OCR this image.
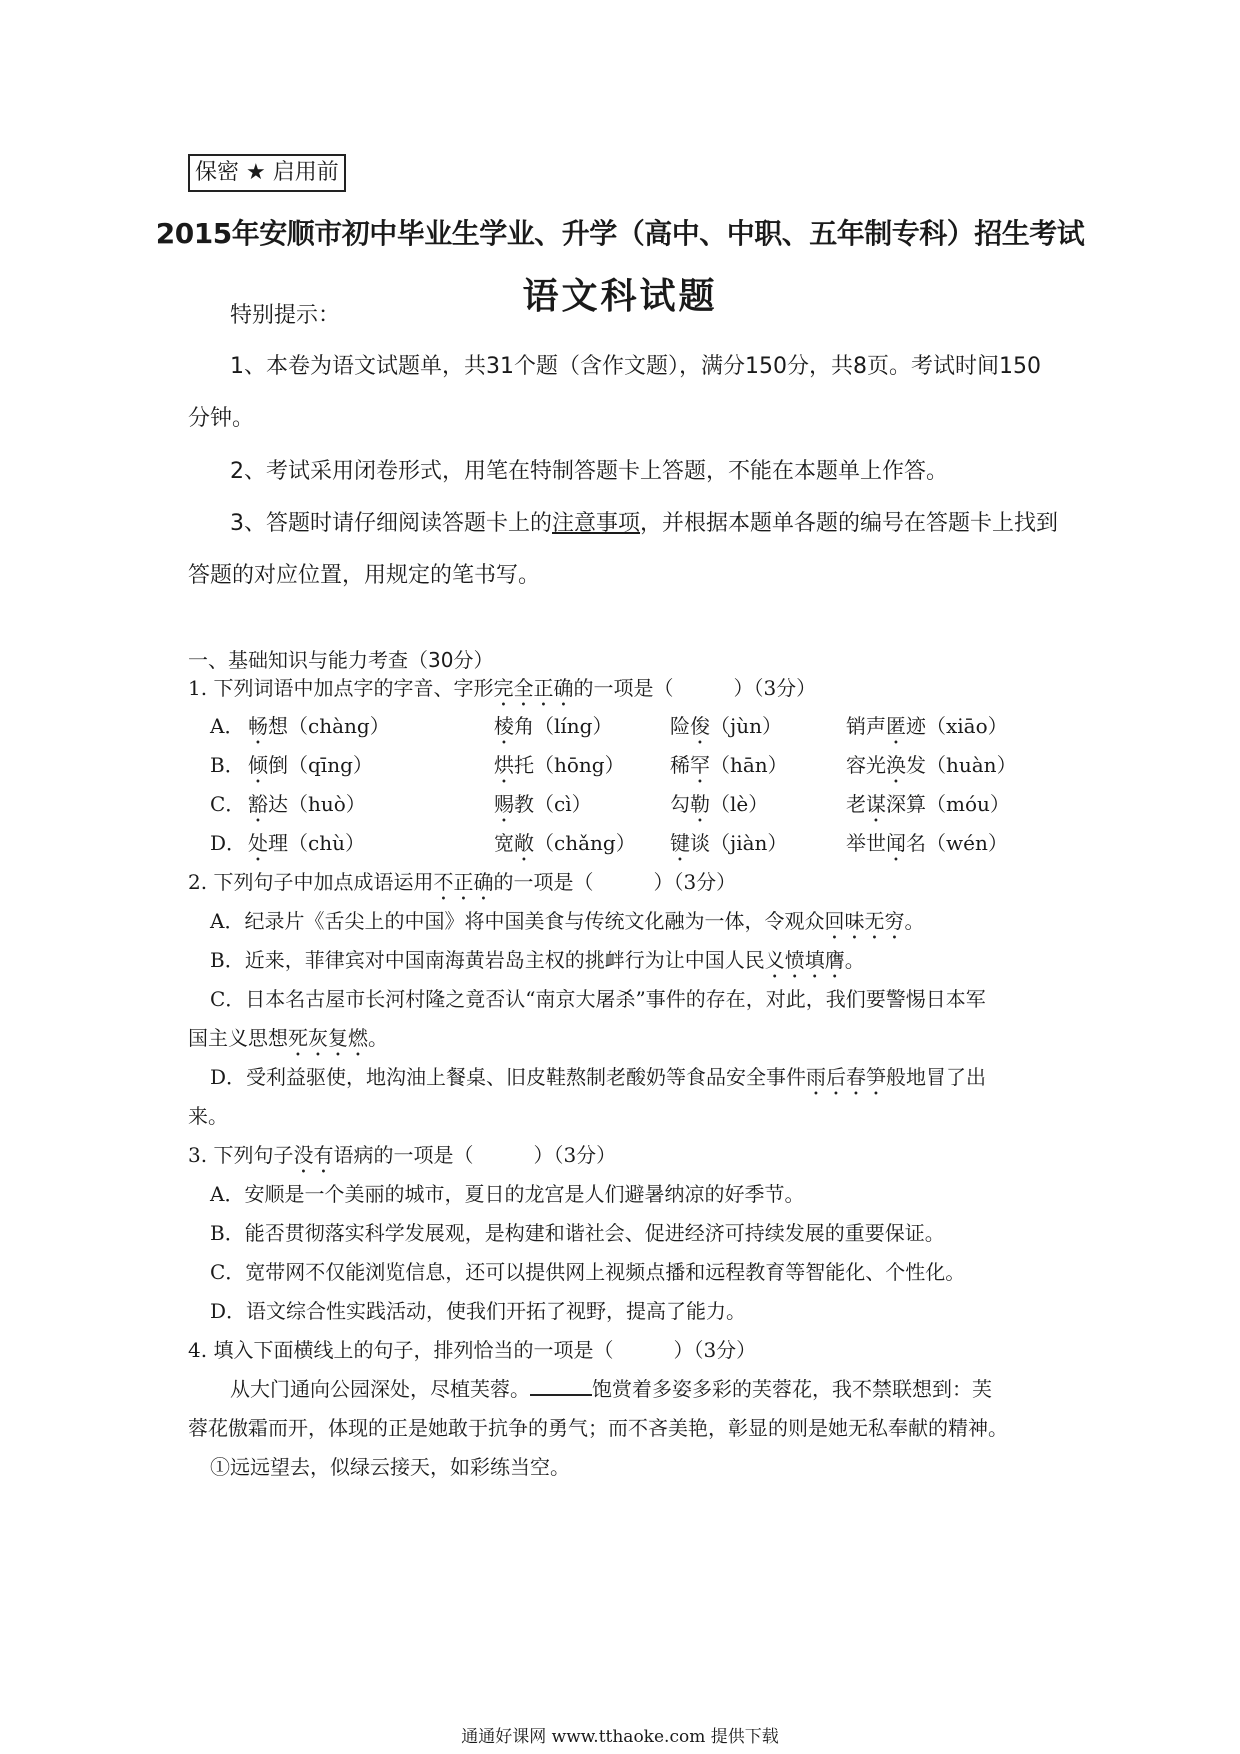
保密 ★ 启用前
2015年安顺市初中毕业生学业、升学（高中、中职、五年制专科）招生考试
语文科试题
特别提示：
1、本卷为语文试题单，共31个题（含作文题），满分150分，共8页。考试时间150
分钟。
2、考试采用闭卷形式，用笔在特制答题卡上答题，不能在本题单上作答。
3、答题时请仔细阅读答题卡上的注意事项，并根据本题单各题的编号在答题卡上找到
答题的对应位置，用规定的笔书写。
一、基础知识与能力考查（30分）
1. 下列词语中加点字的字音、字形完全正确的一项是（　　　）（3分）
A． 畅想（chàng）	棱角（líng）	险俊（jùn）	销声匿迹（xiāo）
B． 倾倒（qīng）	烘托（hōng） 稀罕（hān）	容光涣发（huàn）
C． 豁达（huò）	赐教（cì）	勾勒（lè）	老谋深算（móu）
D． 处理（chù）	宽敞（chǎng） 键谈（jiàn）	举世闻名（wén）
2. 下列句子中加点成语运用不正确的一项是（　　　）（3分）
A．纪录片《舌尖上的中国》将中国美食与传统文化融为一体，令观众回味无穷。
B．近来，菲律宾对中国南海黄岩岛主权的挑衅行为让中国人民义愤填膺。
C．日本名古屋市长河村隆之竟否认“南京大屠杀”事件的存在，对此，我们要警惕日本军
国主义思想死灰复燃。
D．受利益驱使，地沟油上餐桌、旧皮鞋熬制老酸奶等食品安全事件雨后春笋般地冒了出
来。
3. 下列句子没有语病的一项是（　　　）（3分）
A．安顺是一个美丽的城市，夏日的龙宫是人们避暑纳凉的好季节。
B．能否贯彻落实科学发展观，是构建和谐社会、促进经济可持续发展的重要保证。
C．宽带网不仅能浏览信息，还可以提供网上视频点播和远程教育等智能化、个性化。
D．语文综合性实践活动，使我们开拓了视野，提高了能力。
4. 填入下面横线上的句子，排列恰当的一项是（　　　）（3分）
从大门通向公园深处，尽植芙蓉。	饱赏着多姿多彩的芙蓉花，我不禁联想到：芙
蓉花傲霜而开，体现的正是她敢于抗争的勇气；而不吝美艳，彰显的则是她无私奉献的精神。
①远远望去，似绿云接天，如彩练当空。
通通好课网 www.tthaoke.com 提供下载
